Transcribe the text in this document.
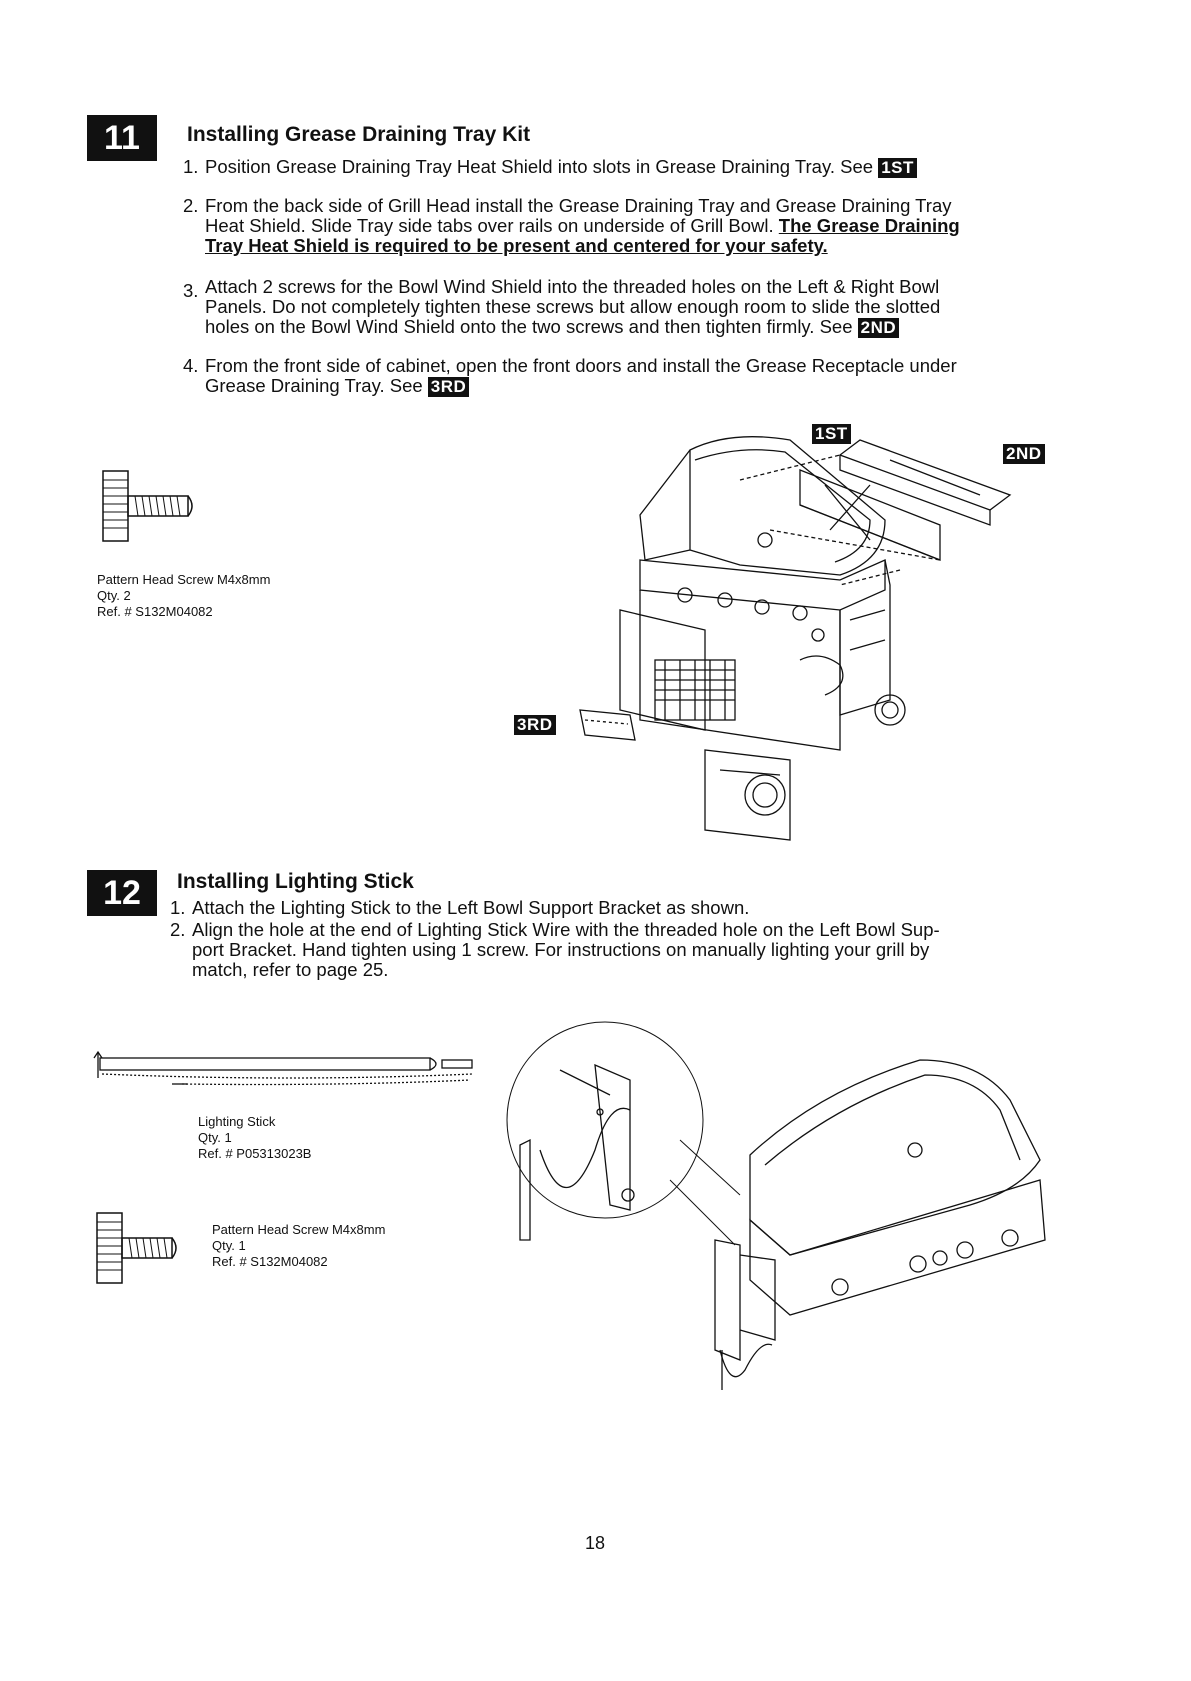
11	Installing Grease Draining Tray Kit
1. Position Grease Draining Tray Heat Shield into slots in Grease Draining Tray. See 1ST
2. From the back side of Grill Head install the Grease Draining Tray and Grease Draining Tray
Heat Shield. Slide Tray side tabs over rails on underside of Grill Bowl. The Grease Draining
Tray Heat Shield is required to be present and centered for your safety.
3. Attach 2 screws for the Bowl Wind Shield into the threaded holes on the Left & Right Bowl
Panels. Do not completely tighten these screws but allow enough room to slide the slotted
holes on the Bowl Wind Shield onto the two screws and then tighten firmly. See 2ND
4. From the front side of cabinet, open the front doors and install the Grease Receptacle under
Grease Draining Tray. See 3RD
Pattern Head Screw M4x8mm
Qty. 2
Ref. # S132M04082
1ST
2ND
3RD
12	Installing Lighting Stick
1. Attach the Lighting Stick to the Left Bowl Support Bracket as shown.
2. Align the hole at the end of Lighting Stick Wire with the threaded hole on the Left Bowl Sup-
port Bracket. Hand tighten using 1 screw. For instructions on manually lighting your grill by
match, refer to page 25.
Lighting Stick
Qty. 1
Ref. # P05313023B
Pattern Head Screw M4x8mm
Qty. 1
Ref. # S132M04082
18
